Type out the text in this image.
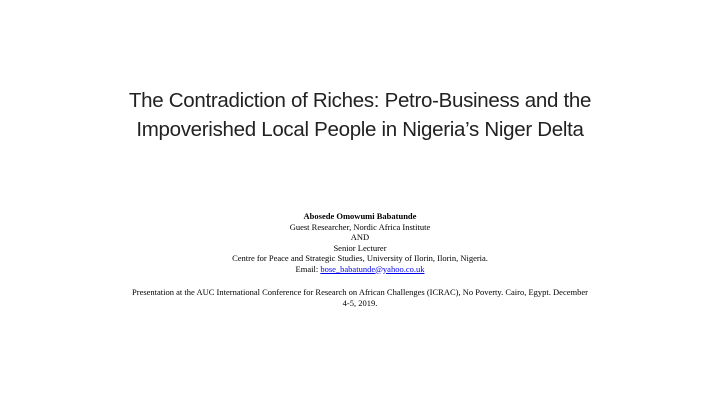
The Contradiction of Riches: Petro-Business and the
Impoverished Local People in Nigeria’s Niger Delta
Abosede Omowumi Babatunde
Guest Researcher, Nordic Africa Institute
AND
Senior Lecturer
Centre for Peace and Strategic Studies, University of Ilorin, Ilorin, Nigeria.
Email: bose_babatunde@yahoo.co.uk
Presentation at the AUC International Conference for Research on African Challenges (ICRAC), No Poverty. Cairo, Egypt. December
4-5, 2019.
